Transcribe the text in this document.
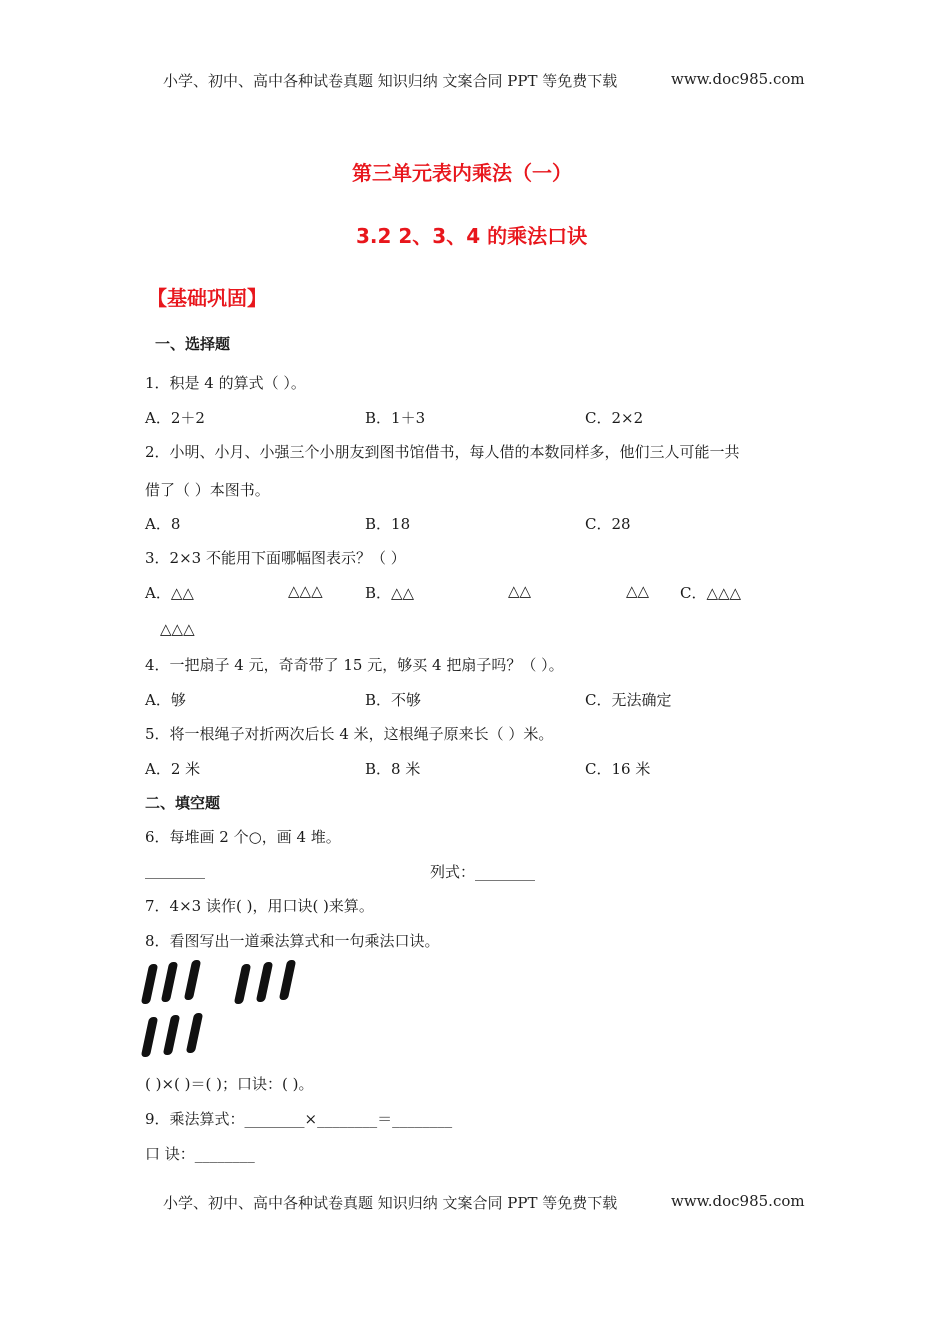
小学、初中、高中各种试卷真题 知识归纳 文案合同 PPT 等免费下载	www.doc985.com
第三单元表内乘法（一）
3.2 2、3、4 的乘法口诀
【基础巩固】
一、选择题
1．积是 4 的算式（ ）。
A．2＋2	B．1＋3	C．2×2
2．小明、小月、小强三个小朋友到图书馆借书，每人借的本数同样多，他们三人可能一共
借了（ ）本图书。
A．8	B．18	C．28
3．2×3 不能用下面哪幅图表示？（ ）
A．△△	△△△	B．△△	△△	△△ C．△△△
△△△
4．一把扇子 4 元，奇奇带了 15 元，够买 4 把扇子吗？（ ）。
A．够	B．不够	C．无法确定
5．将一根绳子对折两次后长 4 米，这根绳子原来长（ ）米。
A．2 米	B．8 米	C．16 米
二、填空题
6．每堆画 2 个○，画 4 堆。
________	列式：________
7．4×3 读作( )，用口诀( )来算。
8．看图写出一道乘法算式和一句乘法口诀。
( )×( )＝( )；口诀：( )。
9．乘法算式：________×________＝________
口 诀：________
小学、初中、高中各种试卷真题 知识归纳 文案合同 PPT 等免费下载	www.doc985.com
